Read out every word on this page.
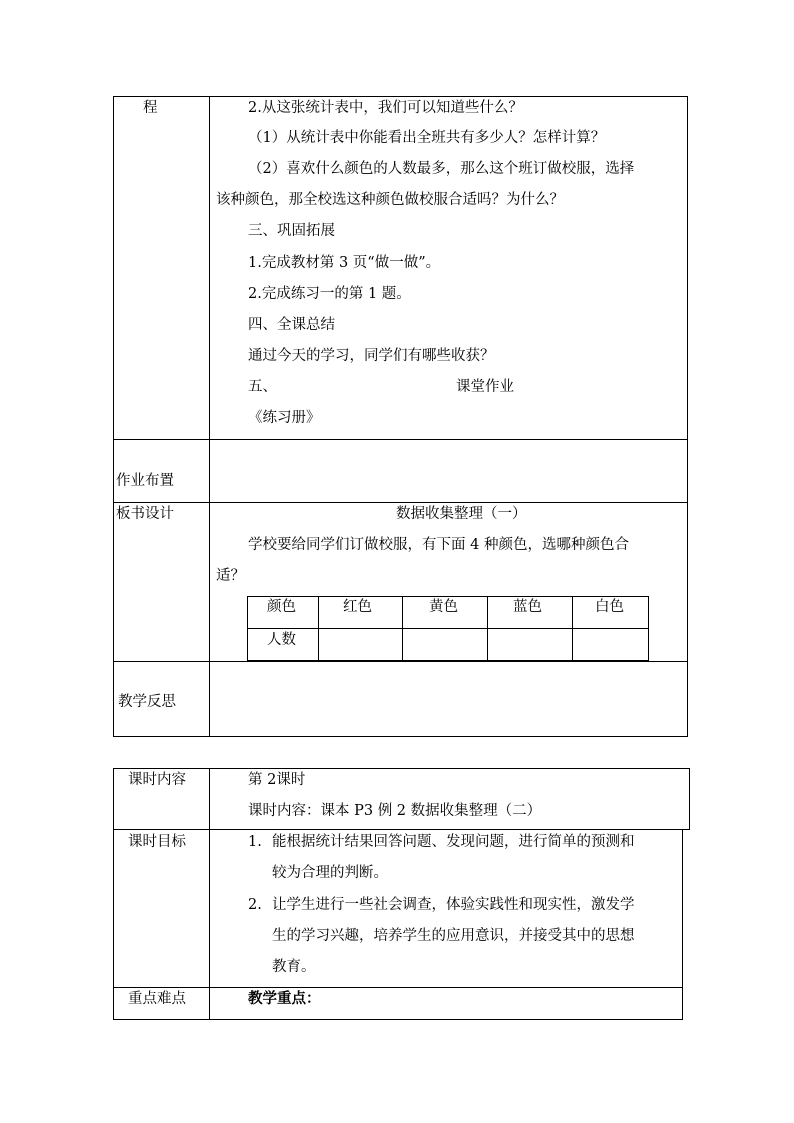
程	2.从这张统计表中，我们可以知道些什么？
（1）从统计表中你能看出全班共有多少人？怎样计算？
（2）喜欢什么颜色的人数最多，那么这个班订做校服，选择
该种颜色，那全校选这种颜色做校服合适吗？为什么？
三、巩固拓展
1.完成教材第 3 页“做一做”。
2.完成练习一的第 1 题。
四、全课总结
通过今天的学习，同学们有哪些收获？
五、	课堂作业
《练习册》
作业布置
板书设计	数据收集整理（一）
学校要给同学们订做校服，有下面 4 种颜色，选哪种颜色合
适？
颜色	红色	黄色	蓝色	白色
人数
教学反思
课时内容	第 2课时
课时内容：课本 P3 例 2 数据收集整理（二）
课时目标	1. 能根据统计结果回答问题、发现问题，进行简单的预测和
较为合理的判断。
2. 让学生进行一些社会调查，体验实践性和现实性，激发学
生的学习兴趣，培养学生的应用意识，并接受其中的思想
教育。
重点难点	教学重点：
